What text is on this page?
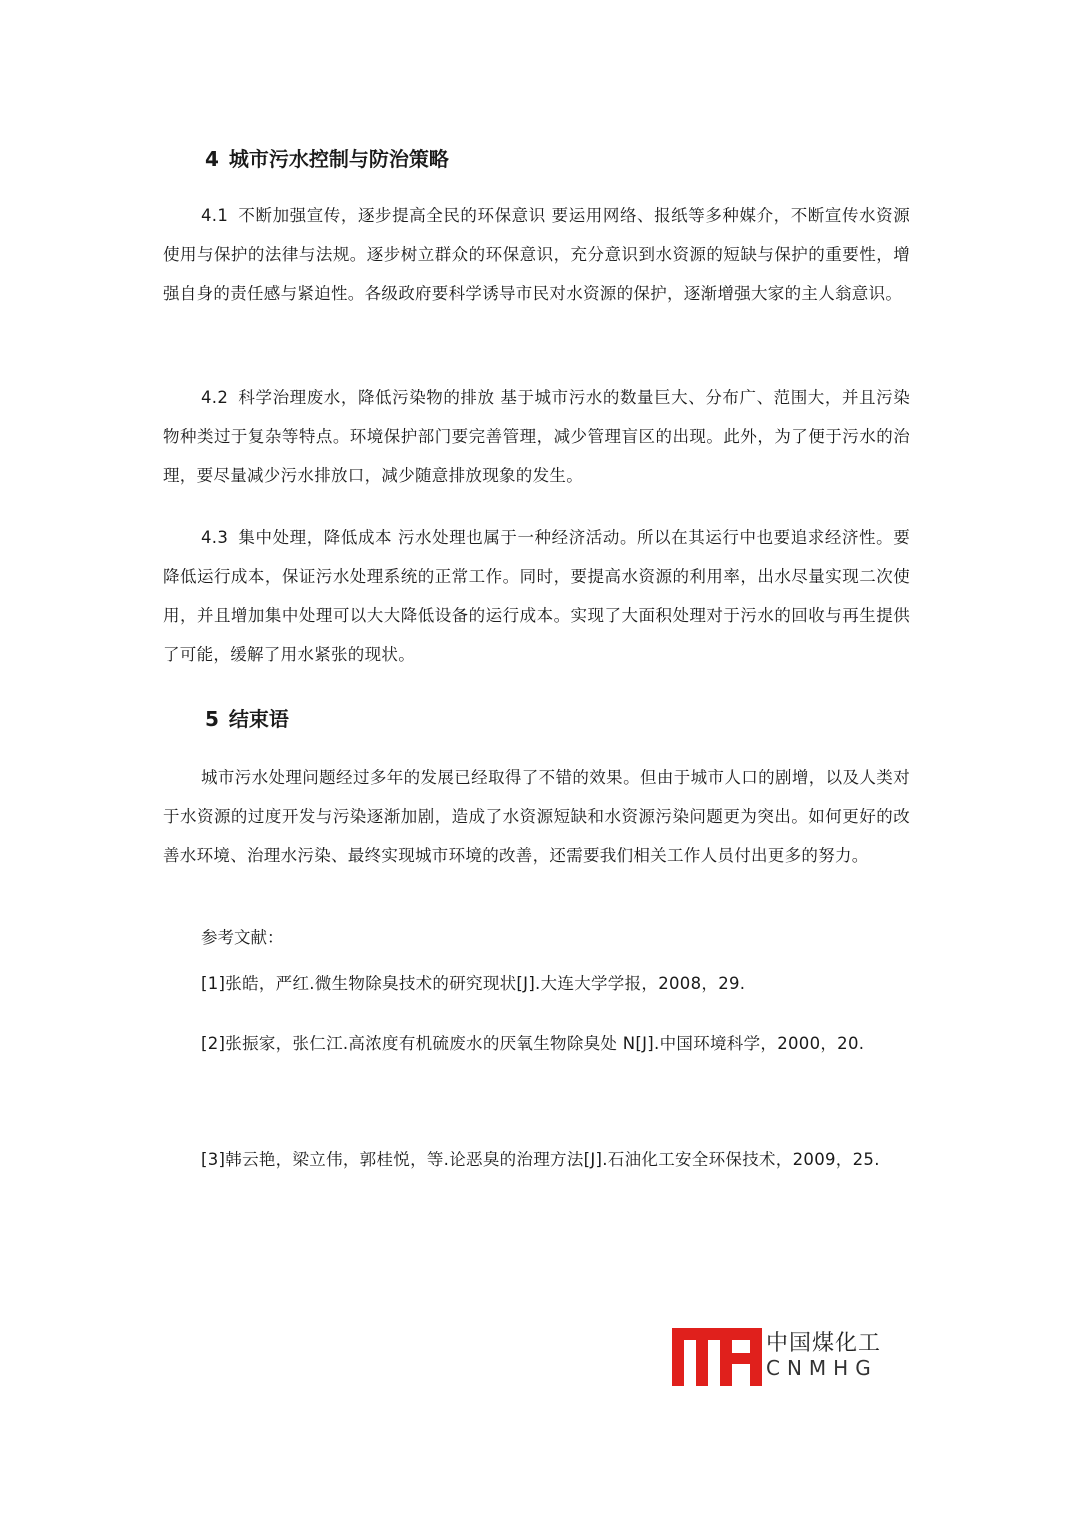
4 城市污水控制与防治策略

4.1 不断加强宣传，逐步提高全民的环保意识 要运用网络、报纸等多种媒介，不断宣传水资源使用与保护的法律与法规。逐步树立群众的环保意识，充分意识到水资源的短缺与保护的重要性，增强自身的责任感与紧迫性。各级政府要科学诱导市民对水资源的保护，逐渐增强大家的主人翁意识。

4.2 科学治理废水，降低污染物的排放 基于城市污水的数量巨大、分布广、范围大，并且污染物种类过于复杂等特点。环境保护部门要完善管理，减少管理盲区的出现。此外，为了便于污水的治理，要尽量减少污水排放口，减少随意排放现象的发生。

4.3 集中处理，降低成本 污水处理也属于一种经济活动。所以在其运行中也要追求经济性。要降低运行成本，保证污水处理系统的正常工作。同时，要提高水资源的利用率，出水尽量实现二次使用，并且增加集中处理可以大大降低设备的运行成本。实现了大面积处理对于污水的回收与再生提供了可能，缓解了用水紧张的现状。

5 结束语

城市污水处理问题经过多年的发展已经取得了不错的效果。但由于城市人口的剧增，以及人类对于水资源的过度开发与污染逐渐加剧，造成了水资源短缺和水资源污染问题更为突出。如何更好的改善水环境、治理水污染、最终实现城市环境的改善，还需要我们相关工作人员付出更多的努力。

参考文献：

[1]张皓，严红.微生物除臭技术的研究现状[J].大连大学学报，2008，29.

[2]张振家，张仁江.高浓度有机硫废水的厌氧生物除臭处 N[J].中国环境科学，2000，20.

[3]韩云艳，梁立伟，郭桂悦，等.论恶臭的治理方法[J].石油化工安全环保技术，2009，25.

中国煤化工
CNMHG
